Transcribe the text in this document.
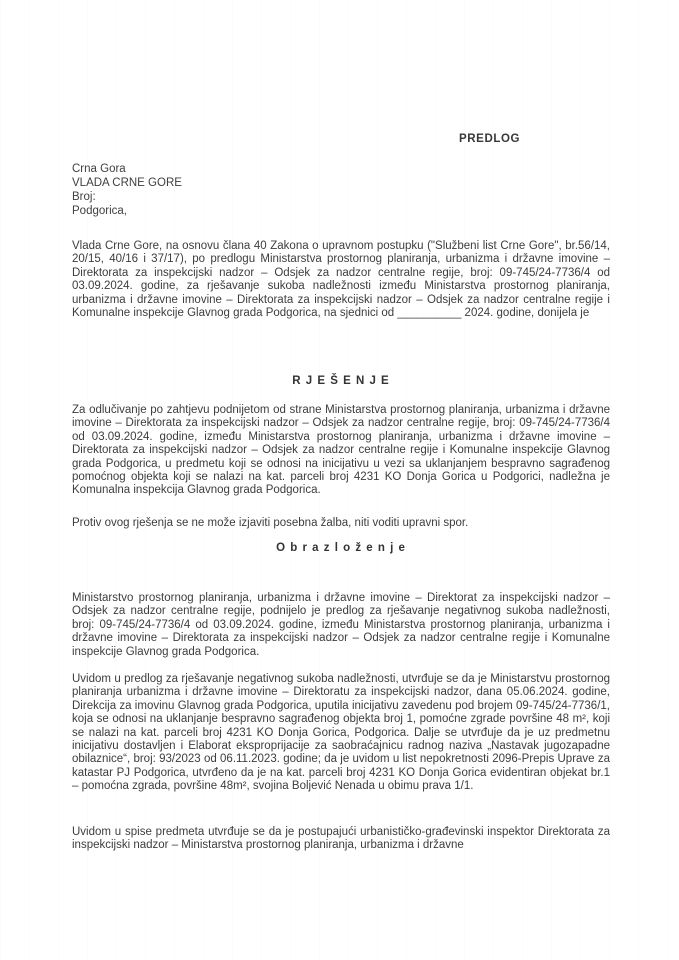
PREDLOG
Crna Gora
VLADA CRNE GORE
Broj:
Podgorica,
Vlada Crne Gore, na osnovu člana 40 Zakona o upravnom postupku ("Službeni list Crne Gore", br.56/14, 20/15, 40/16 i 37/17), po predlogu Ministarstva prostornog planiranja, urbanizma i državne imovine – Direktorata za inspekcijski nadzor – Odsjek za nadzor centralne regije, broj: 09-745/24-7736/4 od 03.09.2024. godine, za rješavanje sukoba nadležnosti između Ministarstva prostornog planiranja, urbanizma i državne imovine – Direktorata za inspekcijski nadzor – Odsjek za nadzor centralne regije i Komunalne inspekcije Glavnog grada Podgorica, na sjednici od __________ 2024. godine, donijela je
R J E Š E N J E
Za odlučivanje po zahtjevu podnijetom od strane Ministarstva prostornog planiranja, urbanizma i državne imovine – Direktorata za inspekcijski nadzor – Odsjek za nadzor centralne regije, broj: 09-745/24-7736/4 od 03.09.2024. godine, između Ministarstva prostornog planiranja, urbanizma i državne imovine – Direktorata za inspekcijski nadzor – Odsjek za nadzor centralne regije i Komunalne inspekcije Glavnog grada Podgorica, u predmetu koji se odnosi na inicijativu u vezi sa uklanjanjem bespravno sagrađenog pomoćnog objekta koji se nalazi na kat. parceli broj 4231 KO Donja Gorica u Podgorici, nadležna je Komunalna inspekcija Glavnog grada Podgorica.
Protiv ovog rješenja se ne može izjaviti posebna žalba, niti voditi upravni spor.
O b r a z l o ž e n j e
Ministarstvo prostornog planiranja, urbanizma i državne imovine – Direktorat za inspekcijski nadzor – Odsjek za nadzor centralne regije, podnijelo je predlog za rješavanje negativnog sukoba nadležnosti, broj: 09-745/24-7736/4 od 03.09.2024. godine, između Ministarstva prostornog planiranja, urbanizma i državne imovine – Direktorata za inspekcijski nadzor – Odsjek za nadzor centralne regije i Komunalne inspekcije Glavnog grada Podgorica.
Uvidom u predlog za rješavanje negativnog sukoba nadležnosti, utvrđuje se da je Ministarstvu prostornog planiranja urbanizma i državne imovine – Direktoratu za inspekcijski nadzor, dana 05.06.2024. godine, Direkcija za imovinu Glavnog grada Podgorica, uputila inicijativu zavedenu pod brojem 09-745/24-7736/1, koja se odnosi na uklanjanje bespravno sagrađenog objekta broj 1, pomoćne zgrade površine 48 m², koji se nalazi na kat. parceli broj 4231 KO Donja Gorica, Podgorica. Dalje se utvrđuje da je uz predmetnu inicijativu dostavljen i Elaborat eksproprijacije za saobraćajnicu radnog naziva „Nastavak jugozapadne obilaznice“, broj: 93/2023 od 06.11.2023. godine; da je uvidom u list nepokretnosti 2096-Prepis Uprave za katastar PJ Podgorica, utvrđeno da je na kat. parceli broj 4231 KO Donja Gorica evidentiran objekat br.1 – pomoćna zgrada, površine 48m², svojina Boljević Nenada u obimu prava 1/1.
Uvidom u spise predmeta utvrđuje se da je postupajući urbanističko-građevinski inspektor Direktorata za inspekcijski nadzor – Ministarstva prostornog planiranja, urbanizma i državne
